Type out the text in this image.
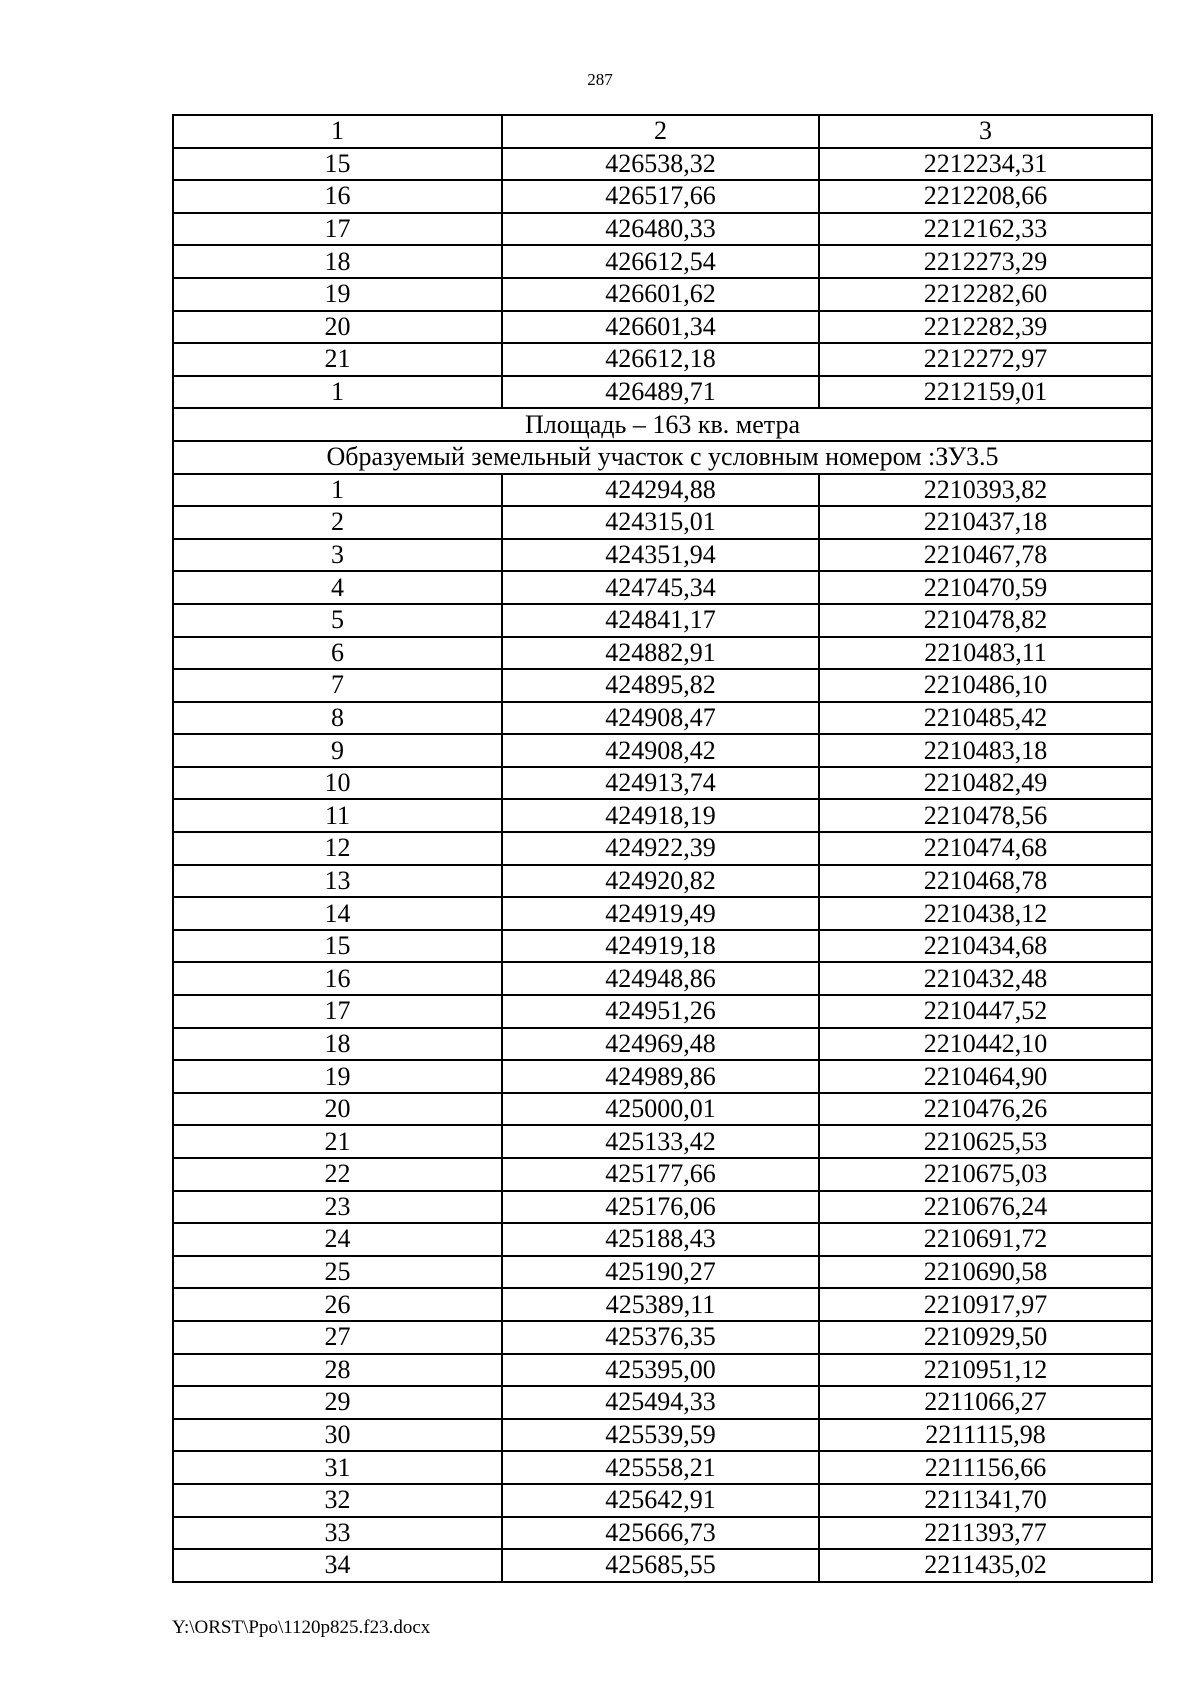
287
1	2	3
15	426538,32	2212234,31
16	426517,66	2212208,66
17	426480,33	2212162,33
18	426612,54	2212273,29
19	426601,62	2212282,60
20	426601,34	2212282,39
21	426612,18	2212272,97
1	426489,71	2212159,01
Площадь – 163 кв. метра		
Образуемый земельный участок с условным номером :ЗУ3.5		
1	424294,88	2210393,82
2	424315,01	2210437,18
3	424351,94	2210467,78
4	424745,34	2210470,59
5	424841,17	2210478,82
6	424882,91	2210483,11
7	424895,82	2210486,10
8	424908,47	2210485,42
9	424908,42	2210483,18
10	424913,74	2210482,49
11	424918,19	2210478,56
12	424922,39	2210474,68
13	424920,82	2210468,78
14	424919,49	2210438,12
15	424919,18	2210434,68
16	424948,86	2210432,48
17	424951,26	2210447,52
18	424969,48	2210442,10
19	424989,86	2210464,90
20	425000,01	2210476,26
21	425133,42	2210625,53
22	425177,66	2210675,03
23	425176,06	2210676,24
24	425188,43	2210691,72
25	425190,27	2210690,58
26	425389,11	2210917,97
27	425376,35	2210929,50
28	425395,00	2210951,12
29	425494,33	2211066,27
30	425539,59	2211115,98
31	425558,21	2211156,66
32	425642,91	2211341,70
33	425666,73	2211393,77
34	425685,55	2211435,02
Y:\ORST\Ppo\1120p825.f23.docx
